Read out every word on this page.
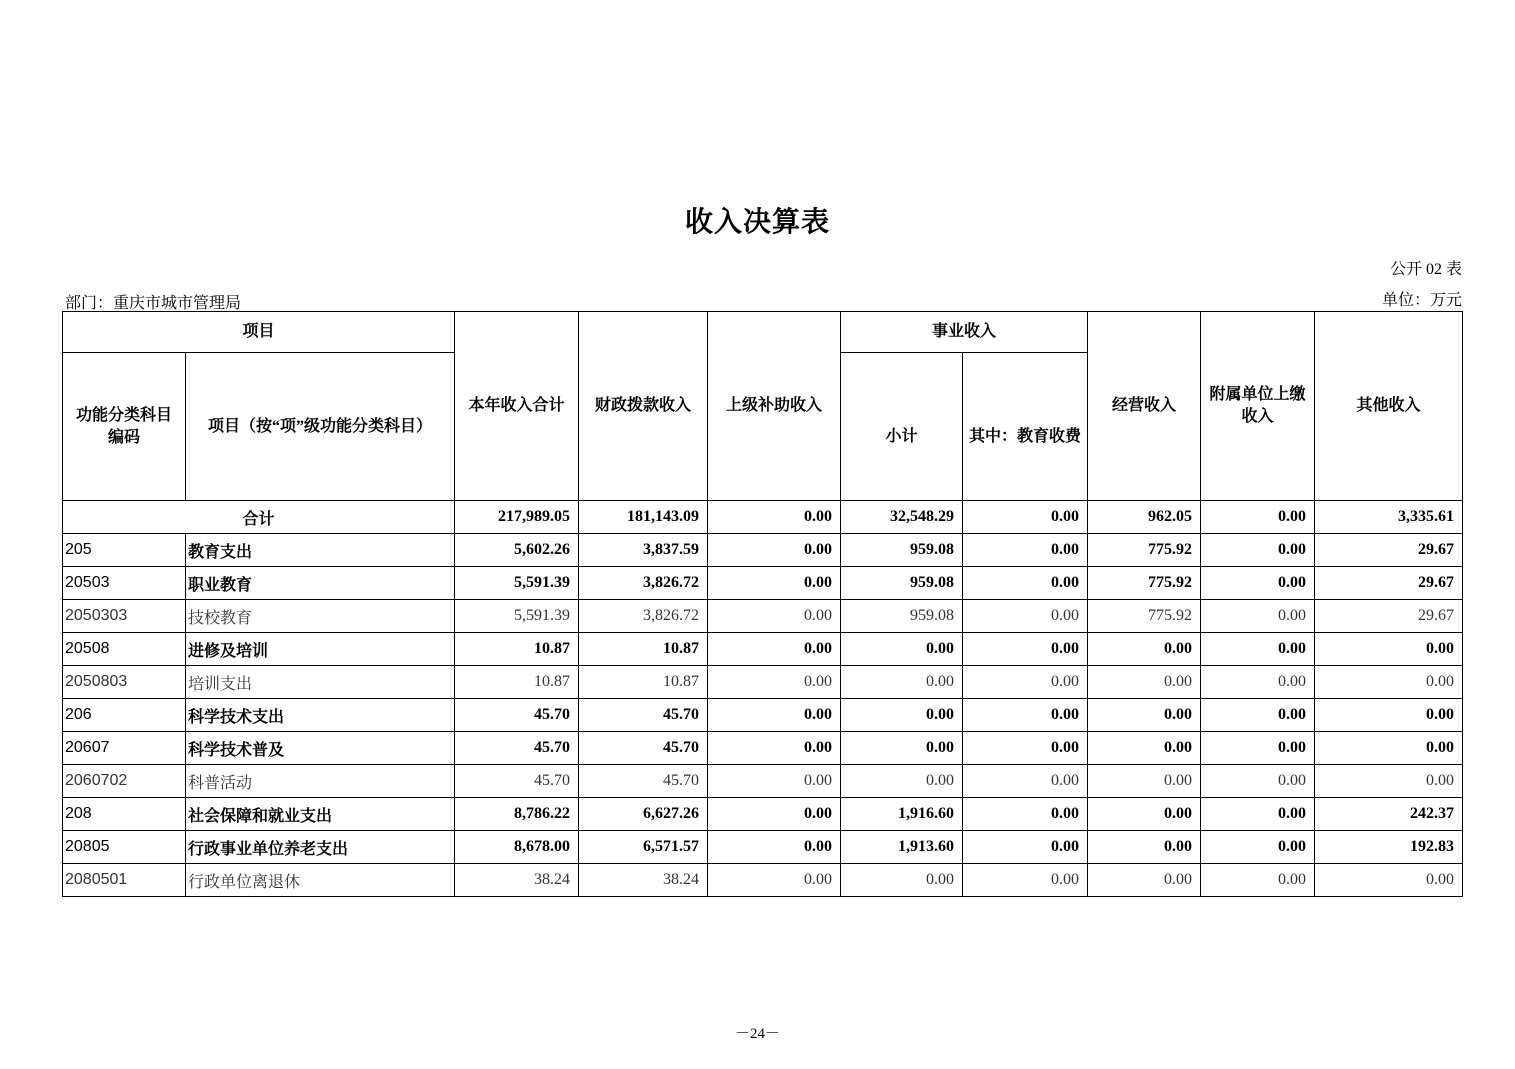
收入决算表
公开 02 表
部门：重庆市城市管理局	单位：万元
项目		本年收入合计	财政拨款收入	上级补助收入	事业收入		经营收入	附属单位上缴收入	其他收入
功能分类科目编码	项目（按“项”级功能分类科目）				小计	其中：教育收费			
合计		217,989.05	181,143.09	0.00	32,548.29	0.00	962.05	0.00	3,335.61
205	教育支出	5,602.26	3,837.59	0.00	959.08	0.00	775.92	0.00	29.67
20503	职业教育	5,591.39	3,826.72	0.00	959.08	0.00	775.92	0.00	29.67
2050303	技校教育	5,591.39	3,826.72	0.00	959.08	0.00	775.92	0.00	29.67
20508	进修及培训	10.87	10.87	0.00	0.00	0.00	0.00	0.00	0.00
2050803	培训支出	10.87	10.87	0.00	0.00	0.00	0.00	0.00	0.00
206	科学技术支出	45.70	45.70	0.00	0.00	0.00	0.00	0.00	0.00
20607	科学技术普及	45.70	45.70	0.00	0.00	0.00	0.00	0.00	0.00
2060702	科普活动	45.70	45.70	0.00	0.00	0.00	0.00	0.00	0.00
208	社会保障和就业支出	8,786.22	6,627.26	0.00	1,916.60	0.00	0.00	0.00	242.37
20805	行政事业单位养老支出	8,678.00	6,571.57	0.00	1,913.60	0.00	0.00	0.00	192.83
2080501	行政单位离退休	38.24	38.24	0.00	0.00	0.00	0.00	0.00	0.00
－24－
